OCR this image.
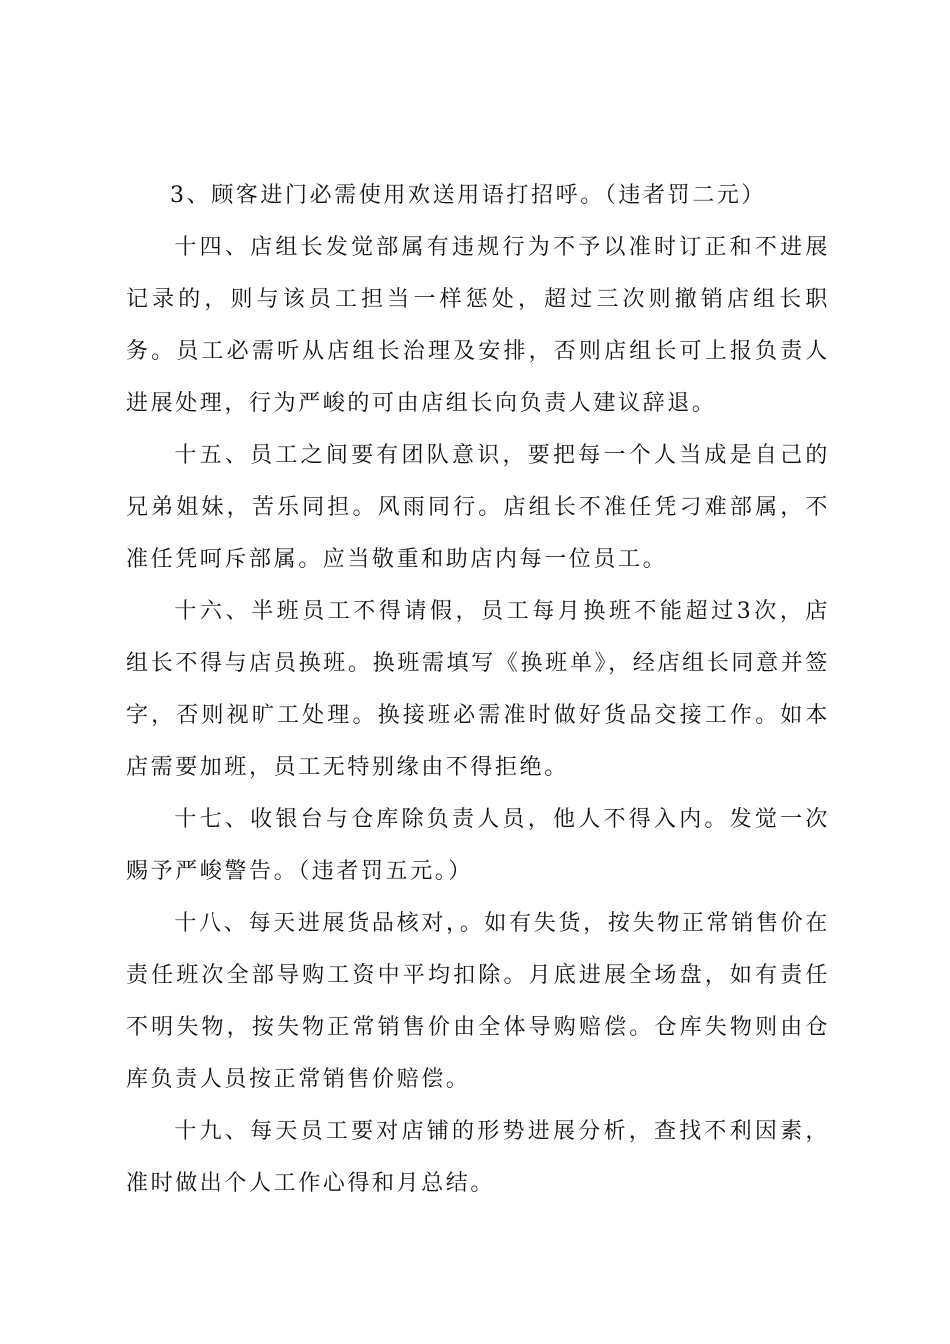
3、顾客进门必需使用欢送用语打招呼。（违者罚二元）

十四、店组长发觉部属有违规行为不予以准时订正和不进展记录的，则与该员工担当一样惩处，超过三次则撤销店组长职务。员工必需听从店组长治理及安排，否则店组长可上报负责人进展处理，行为严峻的可由店组长向负责人建议辞退。

十五、员工之间要有团队意识，要把每一个人当成是自己的兄弟姐妹，苦乐同担。风雨同行。店组长不准任凭刁难部属，不准任凭呵斥部属。应当敬重和助店内每一位员工。

十六、半班员工不得请假，员工每月换班不能超过3次，店组长不得与店员换班。换班需填写《换班单》，经店组长同意并签字，否则视旷工处理。换接班必需准时做好货品交接工作。如本店需要加班，员工无特别缘由不得拒绝。

十七、收银台与仓库除负责人员，他人不得入内。发觉一次赐予严峻警告。（违者罚五元。）

十八、每天进展货品核对，。如有失货，按失物正常销售价在责任班次全部导购工资中平均扣除。月底进展全场盘，如有责任不明失物，按失物正常销售价由全体导购赔偿。仓库失物则由仓库负责人员按正常销售价赔偿。

十九、每天员工要对店铺的形势进展分析，查找不利因素，准时做出个人工作心得和月总结。
